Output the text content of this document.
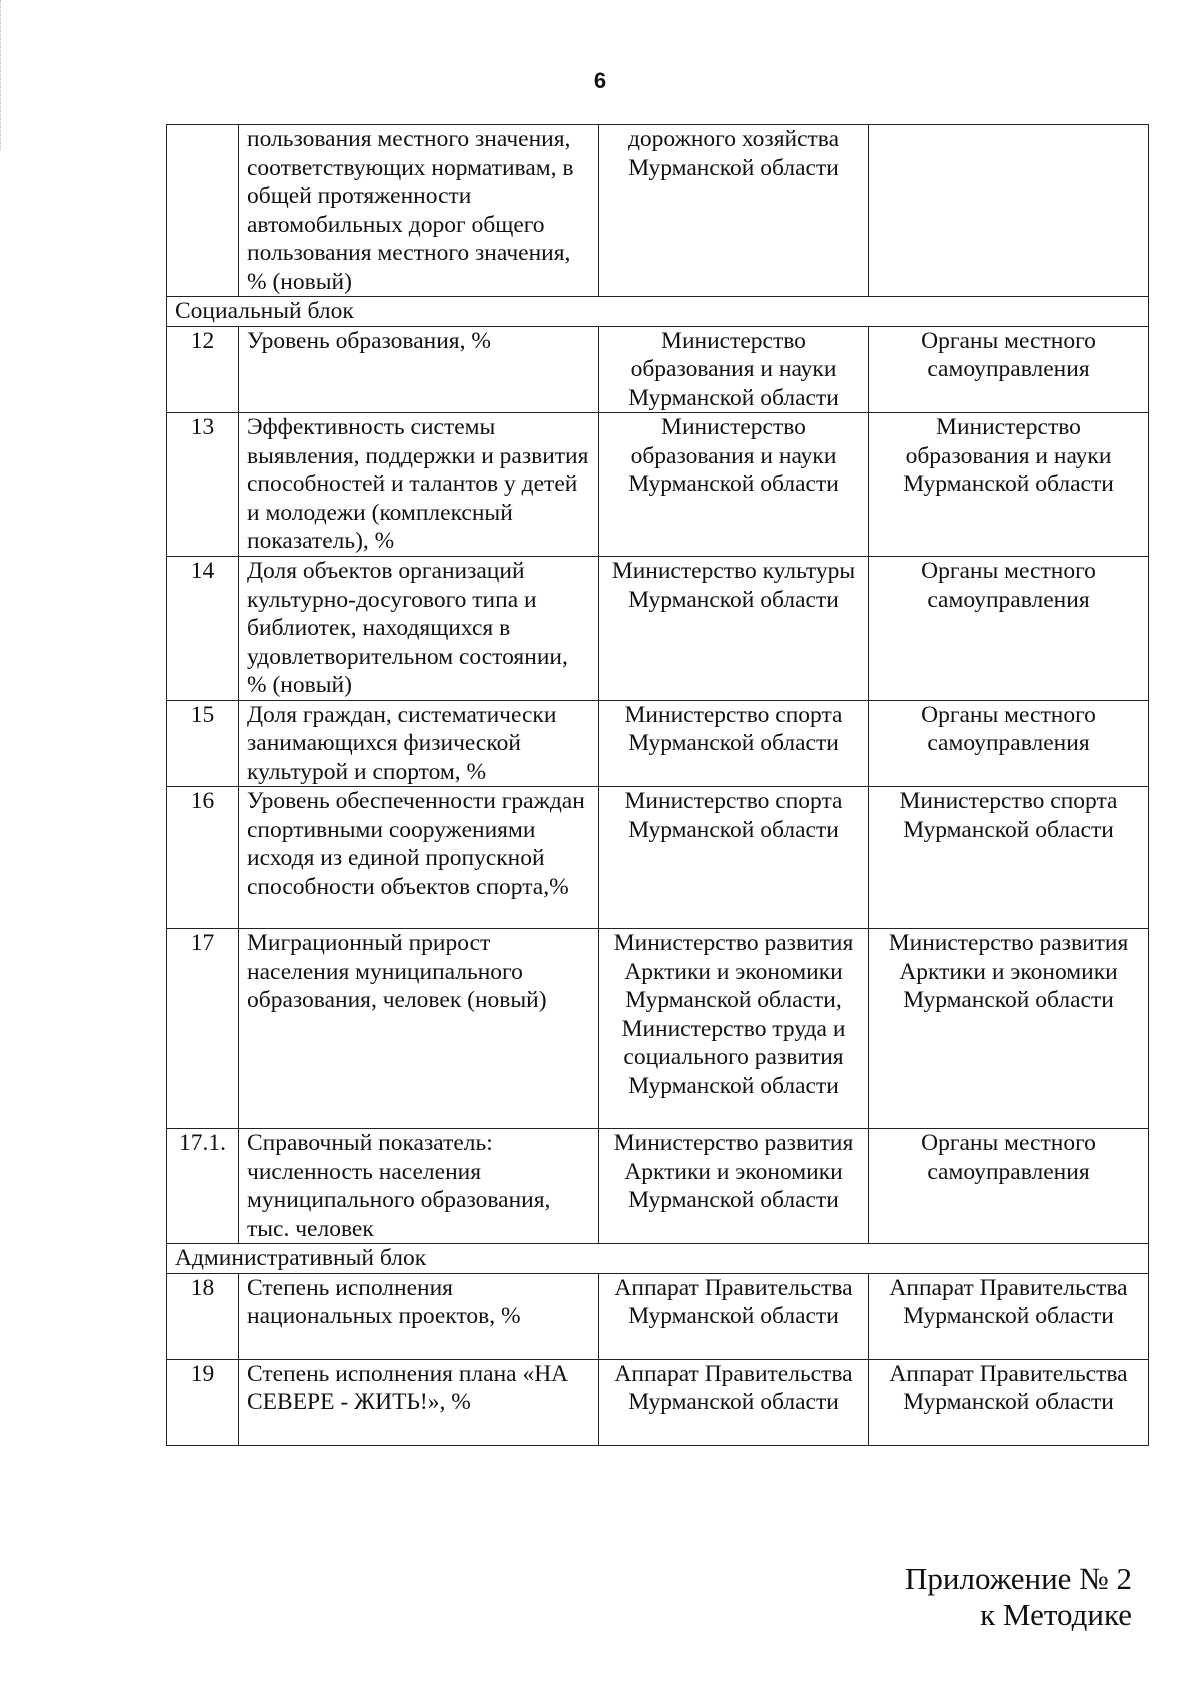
6
	пользования местного значения, соответствующих нормативам, в общей протяженности автомобильных дорог общего пользования местного значения, % (новый)	дорожного хозяйства Мурманской области	
Социальный блок			
12	Уровень образования, %	Министерство образования и науки Мурманской области	Органы местного самоуправления
13	Эффективность системы выявления, поддержки и развития способностей и талантов у детей и молодежи (комплексный показатель), %	Министерство образования и науки Мурманской области	Министерство образования и науки Мурманской области
14	Доля объектов организаций культурно-досугового типа и библиотек, находящихся в удовлетворительном состоянии, % (новый)	Министерство культуры Мурманской области	Органы местного самоуправления
15	Доля граждан, систематически занимающихся физической культурой и спортом, %	Министерство спорта Мурманской области	Органы местного самоуправления
16	Уровень обеспеченности граждан спортивными сооружениями исходя из единой пропускной способности объектов спорта,%	Министерство спорта Мурманской области	Министерство спорта Мурманской области
17	Миграционный прирост населения муниципального образования, человек (новый)	Министерство развития Арктики и экономики Мурманской области, Министерство труда и социального развития Мурманской области	Министерство развития Арктики и экономики Мурманской области
17.1.	Справочный показатель: численность населения муниципального образования, тыс. человек	Министерство развития Арктики и экономики Мурманской области	Органы местного самоуправления
Административный блок			
18	Степень исполнения национальных проектов, %	Аппарат Правительства Мурманской области	Аппарат Правительства Мурманской области
19	Степень исполнения плана «НА СЕВЕРЕ - ЖИТЬ!», %	Аппарат Правительства Мурманской области	Аппарат Правительства Мурманской области
Приложение № 2
к Методике
